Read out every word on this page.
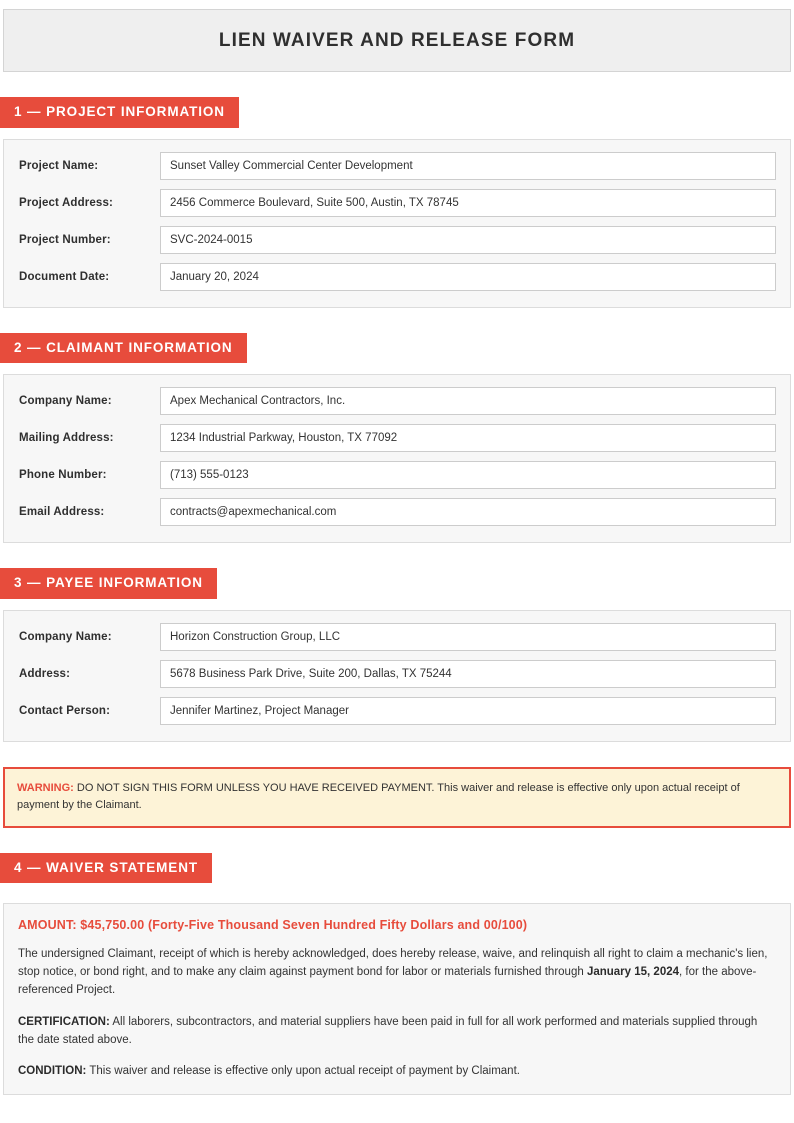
LIEN WAIVER AND RELEASE FORM
1 — PROJECT INFORMATION
Project Name:	Sunset Valley Commercial Center Development
Project Address:	2456 Commerce Boulevard, Suite 500, Austin, TX 78745
Project Number:	SVC-2024-0015
Document Date:	January 20, 2024
2 — CLAIMANT INFORMATION
Company Name:	Apex Mechanical Contractors, Inc.
Mailing Address:	1234 Industrial Parkway, Houston, TX 77092
Phone Number:	(713) 555-0123
Email Address:	contracts@apexmechanical.com
3 — PAYEE INFORMATION
Company Name:	Horizon Construction Group, LLC
Address:	5678 Business Park Drive, Suite 200, Dallas, TX 75244
Contact Person:	Jennifer Martinez, Project Manager
WARNING: DO NOT SIGN THIS FORM UNLESS YOU HAVE RECEIVED PAYMENT. This waiver and release is effective only upon actual receipt of payment by the Claimant.
4 — WAIVER STATEMENT
AMOUNT: $45,750.00 (Forty-Five Thousand Seven Hundred Fifty Dollars and 00/100)

The undersigned Claimant, receipt of which is hereby acknowledged, does hereby release, waive, and relinquish all right to claim a mechanic's lien, stop notice, or bond right, and to make any claim against payment bond for labor or materials furnished through January 15, 2024, for the above-referenced Project.

CERTIFICATION: All laborers, subcontractors, and material suppliers have been paid in full for all work performed and materials supplied through the date stated above.

CONDITION: This waiver and release is effective only upon actual receipt of payment by Claimant.
